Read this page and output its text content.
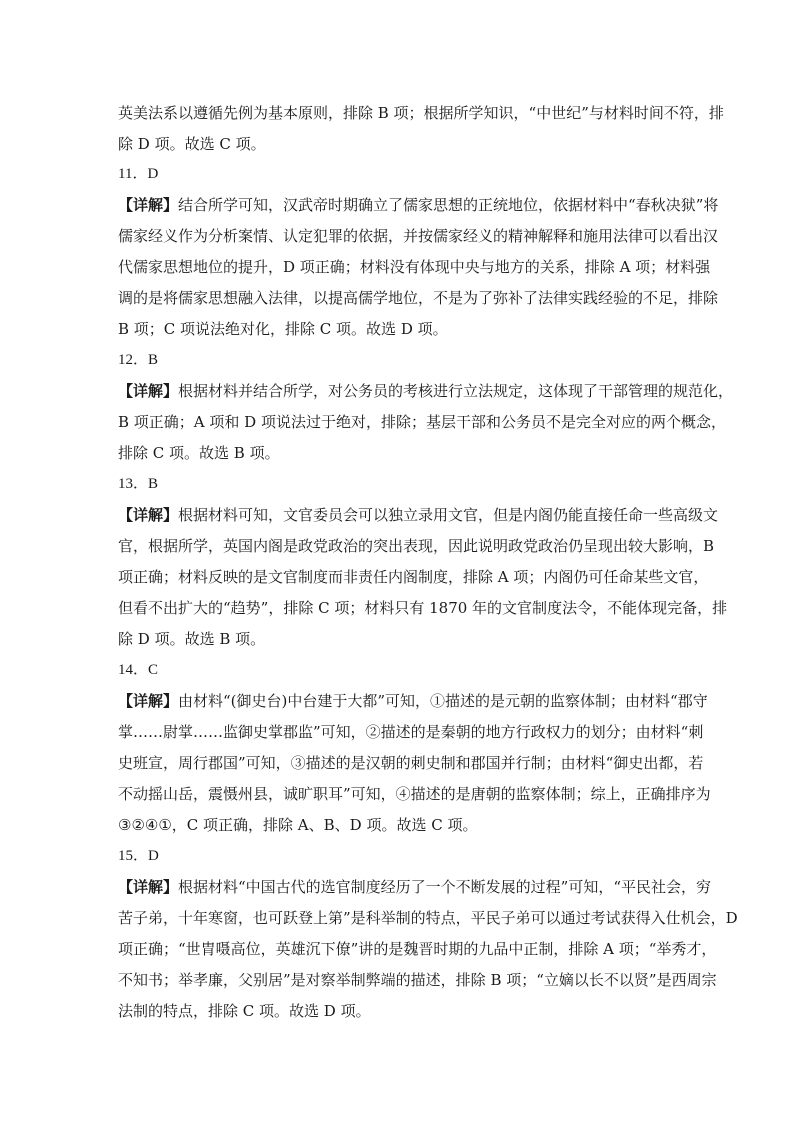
英美法系以遵循先例为基本原则，排除 B 项；根据所学知识，“中世纪”与材料时间不符，排
除 D 项。故选 C 项。
11．D
【详解】结合所学可知，汉武帝时期确立了儒家思想的正统地位，依据材料中“春秋决狱”将
儒家经义作为分析案情、认定犯罪的依据，并按儒家经义的精神解释和施用法律可以看出汉
代儒家思想地位的提升，D 项正确；材料没有体现中央与地方的关系，排除 A 项；材料强
调的是将儒家思想融入法律，以提高儒学地位，不是为了弥补了法律实践经验的不足，排除
B 项；C 项说法绝对化，排除 C 项。故选 D 项。
12．B
【详解】根据材料并结合所学，对公务员的考核进行立法规定，这体现了干部管理的规范化，
B 项正确；A 项和 D 项说法过于绝对，排除；基层干部和公务员不是完全对应的两个概念，
排除 C 项。故选 B 项。
13．B
【详解】根据材料可知，文官委员会可以独立录用文官，但是内阁仍能直接任命一些高级文
官，根据所学，英国内阁是政党政治的突出表现，因此说明政党政治仍呈现出较大影响，B
项正确；材料反映的是文官制度而非责任内阁制度，排除 A 项；内阁仍可任命某些文官，
但看不出扩大的“趋势”，排除 C 项；材料只有 1870 年的文官制度法令，不能体现完备，排
除 D 项。故选 B 项。
14．C
【详解】由材料“(御史台)中台建于大都”可知，①描述的是元朝的监察体制；由材料“郡守
掌……尉掌……监御史掌郡监”可知，②描述的是秦朝的地方行政权力的划分；由材料“刺
史班宣，周行郡国”可知，③描述的是汉朝的刺史制和郡国并行制；由材料“御史出都，若
不动摇山岳，震慑州县，诚旷职耳”可知，④描述的是唐朝的监察体制；综上，正确排序为
③②④①，C 项正确，排除 A、B、D 项。故选 C 项。
15．D
【详解】根据材料“中国古代的选官制度经历了一个不断发展的过程”可知，“平民社会，穷
苦子弟，十年寒窗，也可跃登上第”是科举制的特点，平民子弟可以通过考试获得入仕机会，D
项正确；“世胄嗫高位，英雄沉下僚”讲的是魏晋时期的九品中正制，排除 A 项；“举秀才，
不知书；举孝廉，父别居”是对察举制弊端的描述，排除 B 项；“立嫡以长不以贤”是西周宗
法制的特点，排除 C 项。故选 D 项。
